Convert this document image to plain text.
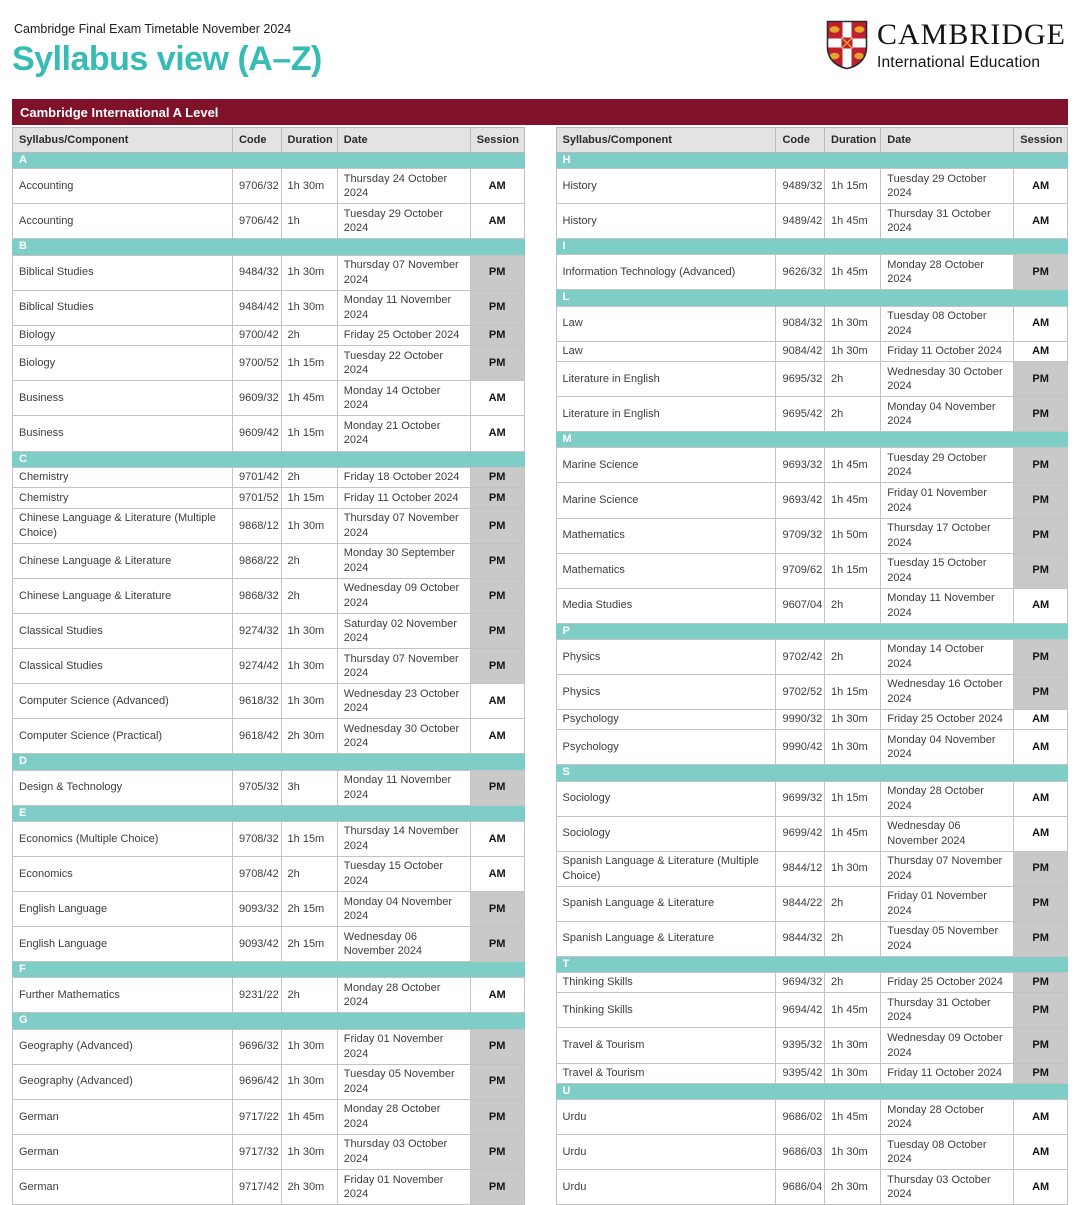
Cambridge Final Exam Timetable November 2024
Syllabus view (A–Z)
CAMBRIDGE
International Education
Cambridge International A Level
Syllabus/Component	Code	Duration	Date	Session
A				
Accounting	9706/32	1h 30m	Thursday 24 October 2024	AM
Accounting	9706/42	1h	Tuesday 29 October 2024	AM
B				
Biblical Studies	9484/32	1h 30m	Thursday 07 November 2024	PM
Biblical Studies	9484/42	1h 30m	Monday 11 November 2024	PM
Biology	9700/42	2h	Friday 25 October 2024	PM
Biology	9700/52	1h 15m	Tuesday 22 October 2024	PM
Business	9609/32	1h 45m	Monday 14 October 2024	AM
Business	9609/42	1h 15m	Monday 21 October 2024	AM
C				
Chemistry	9701/42	2h	Friday 18 October 2024	PM
Chemistry	9701/52	1h 15m	Friday 11 October 2024	PM
Chinese Language & Literature (Multiple Choice)	9868/12	1h 30m	Thursday 07 November 2024	PM
Chinese Language & Literature	9868/22	2h	Monday 30 September 2024	PM
Chinese Language & Literature	9868/32	2h	Wednesday 09 October 2024	PM
Classical Studies	9274/32	1h 30m	Saturday 02 November 2024	PM
Classical Studies	9274/42	1h 30m	Thursday 07 November 2024	PM
Computer Science (Advanced)	9618/32	1h 30m	Wednesday 23 October 2024	AM
Computer Science (Practical)	9618/42	2h 30m	Wednesday 30 October 2024	AM
D				
Design & Technology	9705/32	3h	Monday 11 November 2024	PM
E				
Economics (Multiple Choice)	9708/32	1h 15m	Thursday 14 November 2024	AM
Economics	9708/42	2h	Tuesday 15 October 2024	AM
English Language	9093/32	2h 15m	Monday 04 November 2024	PM
English Language	9093/42	2h 15m	Wednesday 06 November 2024	PM
F				
Further Mathematics	9231/22	2h	Monday 28 October 2024	AM
G				
Geography (Advanced)	9696/32	1h 30m	Friday 01 November 2024	PM
Geography (Advanced)	9696/42	1h 30m	Tuesday 05 November 2024	PM
German	9717/22	1h 45m	Monday 28 October 2024	PM
German	9717/32	1h 30m	Thursday 03 October 2024	PM
German	9717/42	2h 30m	Friday 01 November 2024	PM
Syllabus/Component	Code	Duration	Date	Session
H				
History	9489/32	1h 15m	Tuesday 29 October 2024	AM
History	9489/42	1h 45m	Thursday 31 October 2024	AM
I				
Information Technology (Advanced)	9626/32	1h 45m	Monday 28 October 2024	PM
L				
Law	9084/32	1h 30m	Tuesday 08 October 2024	AM
Law	9084/42	1h 30m	Friday 11 October 2024	AM
Literature in English	9695/32	2h	Wednesday 30 October 2024	PM
Literature in English	9695/42	2h	Monday 04 November 2024	PM
M				
Marine Science	9693/32	1h 45m	Tuesday 29 October 2024	PM
Marine Science	9693/42	1h 45m	Friday 01 November 2024	PM
Mathematics	9709/32	1h 50m	Thursday 17 October 2024	PM
Mathematics	9709/62	1h 15m	Tuesday 15 October 2024	PM
Media Studies	9607/04	2h	Monday 11 November 2024	AM
P				
Physics	9702/42	2h	Monday 14 October 2024	PM
Physics	9702/52	1h 15m	Wednesday 16 October 2024	PM
Psychology	9990/32	1h 30m	Friday 25 October 2024	AM
Psychology	9990/42	1h 30m	Monday 04 November 2024	AM
S				
Sociology	9699/32	1h 15m	Monday 28 October 2024	AM
Sociology	9699/42	1h 45m	Wednesday 06 November 2024	AM
Spanish Language & Literature (Multiple Choice)	9844/12	1h 30m	Thursday 07 November 2024	PM
Spanish Language & Literature	9844/22	2h	Friday 01 November 2024	PM
Spanish Language & Literature	9844/32	2h	Tuesday 05 November 2024	PM
T				
Thinking Skills	9694/32	2h	Friday 25 October 2024	PM
Thinking Skills	9694/42	1h 45m	Thursday 31 October 2024	PM
Travel & Tourism	9395/32	1h 30m	Wednesday 09 October 2024	PM
Travel & Tourism	9395/42	1h 30m	Friday 11 October 2024	PM
U				
Urdu	9686/02	1h 45m	Monday 28 October 2024	AM
Urdu	9686/03	1h 30m	Tuesday 08 October 2024	AM
Urdu	9686/04	2h 30m	Thursday 03 October 2024	AM
